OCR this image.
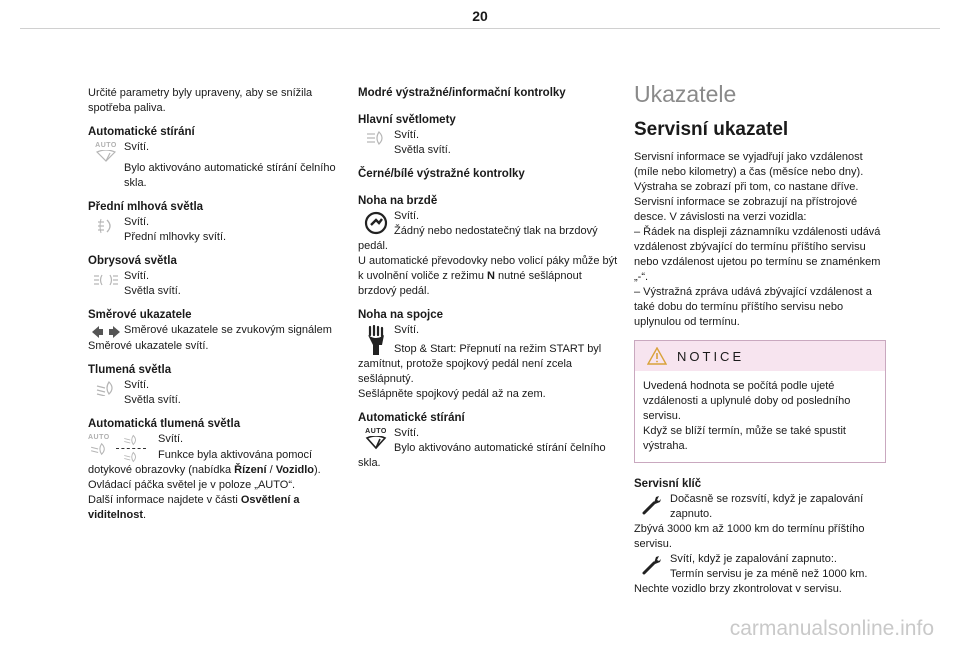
20

Určité parametry byly upraveny, aby se snížila spotřeba paliva.

Automatické stírání

AUTO Svítí.

Bylo aktivováno automatické stírání čelního skla.

Přední mlhová světla

Svítí.

Přední mlhovky svítí.

Obrysová světla

Svítí.

Světla svítí.

Směrové ukazatele

Směrové ukazatele se zvukovým signálem

Směrové ukazatele svítí.

Tlumená světla

Svítí.

Světla svítí.

Automatická tlumená světla

AUTO	Svítí.

Funkce byla aktivována pomocí dotykové obrazovky (nabídka Řízení / Vozidlo).

Ovládací páčka světel je v poloze „AUTO“.

Další informace najdete v části Osvětlení a viditelnost.

Modré výstražné/informační kontrolky

Hlavní světlomety

Svítí.

Světla svítí.

Černé/bílé výstražné kontrolky

Noha na brzdě

Svítí.

Žádný nebo nedostatečný tlak na brzdový pedál.

U automatické převodovky nebo volicí páky může být k uvolnění voliče z režimu N nutné sešlápnout brzdový pedál.

Noha na spojce

Svítí.

Stop & Start: Přepnutí na režim START byl zamítnut, protože spojkový pedál není zcela sešlápnutý.

Sešlápněte spojkový pedál až na zem.

Automatické stírání

AUTO Svítí.

Bylo aktivováno automatické stírání čelního skla.

Ukazatele

Servisní ukazatel

Servisní informace se vyjadřují jako vzdálenost (míle nebo kilometry) a čas (měsíce nebo dny).

Výstraha se zobrazí při tom, co nastane dříve.

Servisní informace se zobrazují na přístrojové desce. V závislosti na verzi vozidla:

– Řádek na displeji záznamníku vzdálenosti udává vzdálenost zbývající do termínu příštího servisu nebo vzdálenost ujetou po termínu se znaménkem „-“.

– Výstražná zpráva udává zbývající vzdálenost a také dobu do termínu příštího servisu nebo uplynulou od termínu.

NOTICE

Uvedená hodnota se počítá podle ujeté vzdálenosti a uplynulé doby od posledního servisu.

Když se blíží termín, může se také spustit výstraha.

Servisní klíč

Dočasně se rozsvítí, když je zapalování zapnuto.

Zbývá 3000 km až 1000 km do termínu příštího servisu.

Svítí, když je zapalování zapnuto:.

Termín servisu je za méně než 1000 km.

Nechte vozidlo brzy zkontrolovat v servisu.

carmanualsonline.info
